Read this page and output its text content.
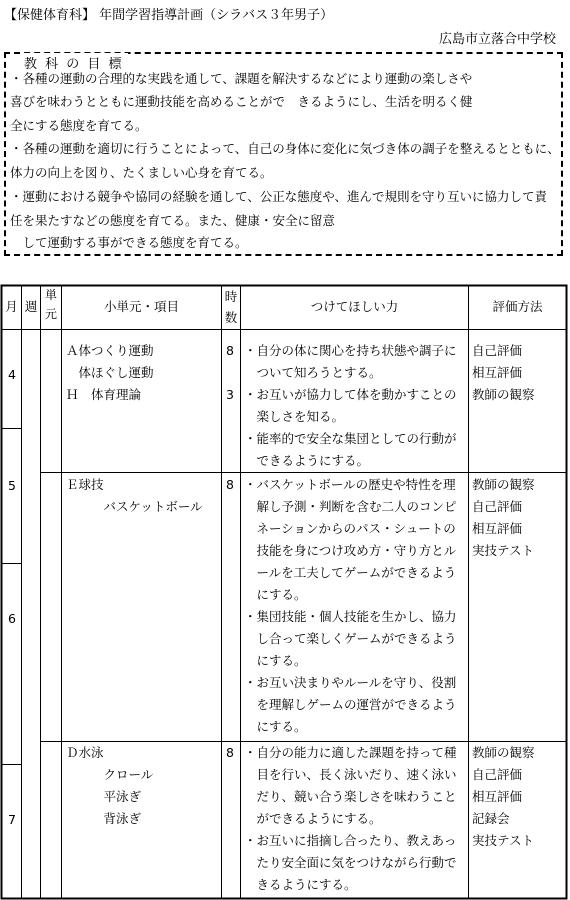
【保健体育科】 年間学習指導計画（シラバス３年男子）
広島市立落合中学校
教 科 の 目 標
・各種の運動の合理的な実践を通して、課題を解決するなどにより運動の楽しさや
喜びを味わうとともに運動技能を高めることがで　きるようにし、生活を明るく健
全にする態度を育てる。
・各種の運動を適切に行うことによって、自己の身体に変化に気づき体の調子を整えるとともに、
体力の向上を図り、たくましい心身を育てる。
・運動における競争や協同の経験を通して、公正な態度や、進んで規則を守り互いに協力して責
任を果たすなどの態度を育てる。また、健康・安全に留意
　して運動する事ができる態度を育てる。
月 週
単元	小単元・項目
時数
つけてほしい力	評価方法
4
5
6
7
Ａ体つくり運動
　体ほぐし運動
Ｈ　体育理論
8
3
・自分の体に関心を持ち状態や調子に
　ついて知ろうとする。
・お互いが協力して体を動かすことの
　楽しさを知る。
・能率的で安全な集団としての行動が
　できるようにする。
自己評価
相互評価
教師の観察
Ｅ球技
　　　バスケットボール
8 ・バスケットボールの歴史や特性を理
　解し予測・判断を含む二人のコンピ
　ネーションからのパス・シュートの
　技能を身につけ攻め方・守り方とル
　ールを工夫してゲームができるよう
　にする。
・集団技能・個人技能を生かし、協力
　し合って楽しくゲームができるよう
　にする。
・お互い決まりやルールを守り、役割
　を理解しゲームの運営ができるよう
　にする。
教師の観察
自己評価
相互評価
実技テスト
Ｄ水泳
　　　クロール
　　　平泳ぎ
　　　背泳ぎ
8 ・自分の能力に適した課題を持って種
　目を行い、長く泳いだり、速く泳い
　だり、競い合う楽しさを味わうこと
　ができるようにする。
・お互いに指摘し合ったり、教えあっ
　たり安全面に気をつけながら行動で
　きるようにする。
教師の観察
自己評価
相互評価
記録会
実技テスト
